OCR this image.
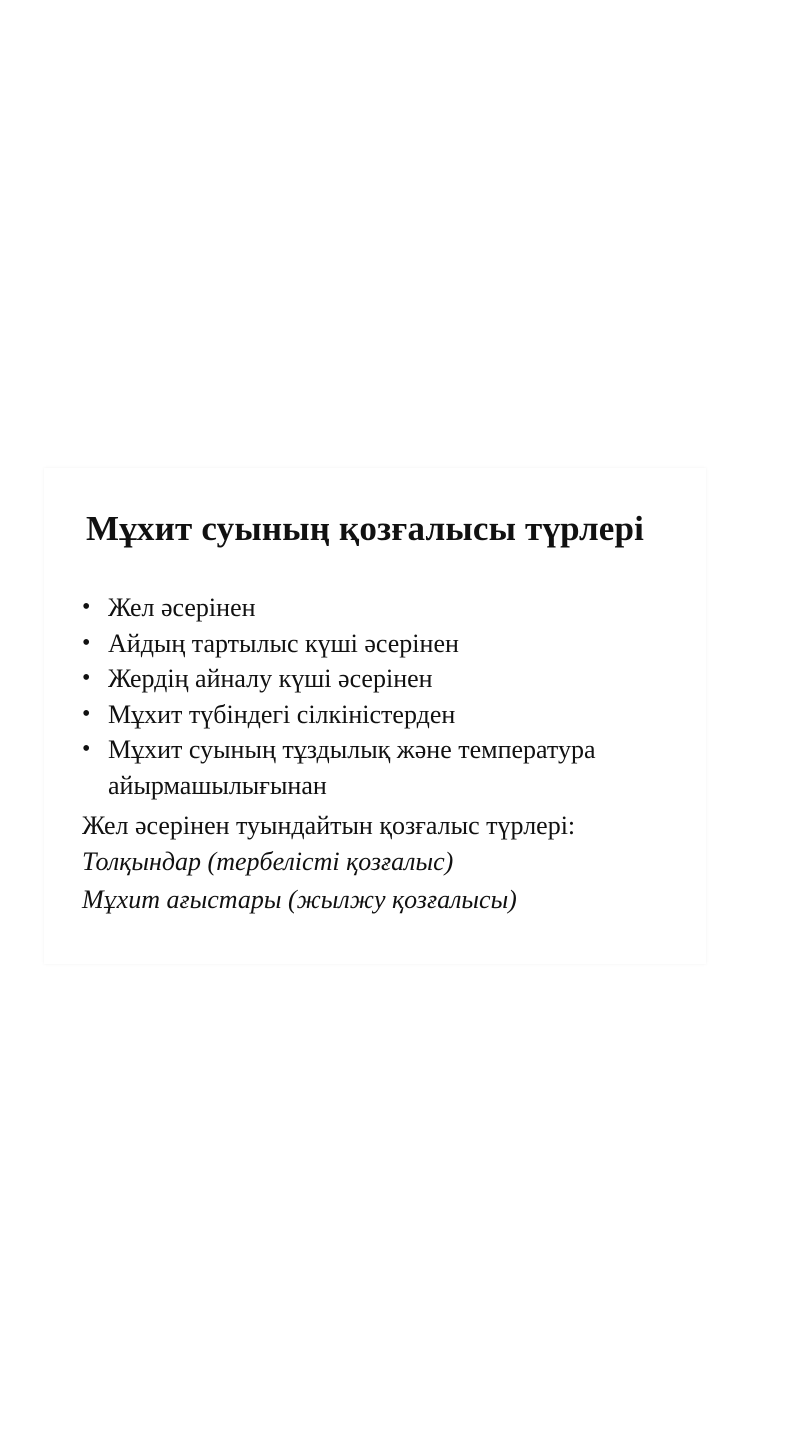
Мұхит суының қозғалысы түрлері
• Жел әсерінен
• Айдың тартылыс күші әсерінен
• Жердің айналу күші әсерінен
• Мұхит түбіндегі сілкіністерден
• Мұхит суының тұздылық және температура айырмашылығынан

Жел әсерінен туындайтын қозғалыс түрлері:

Толқындар (тербелісті қозғалыс)

Мұхит ағыстары (жылжу қозғалысы)
